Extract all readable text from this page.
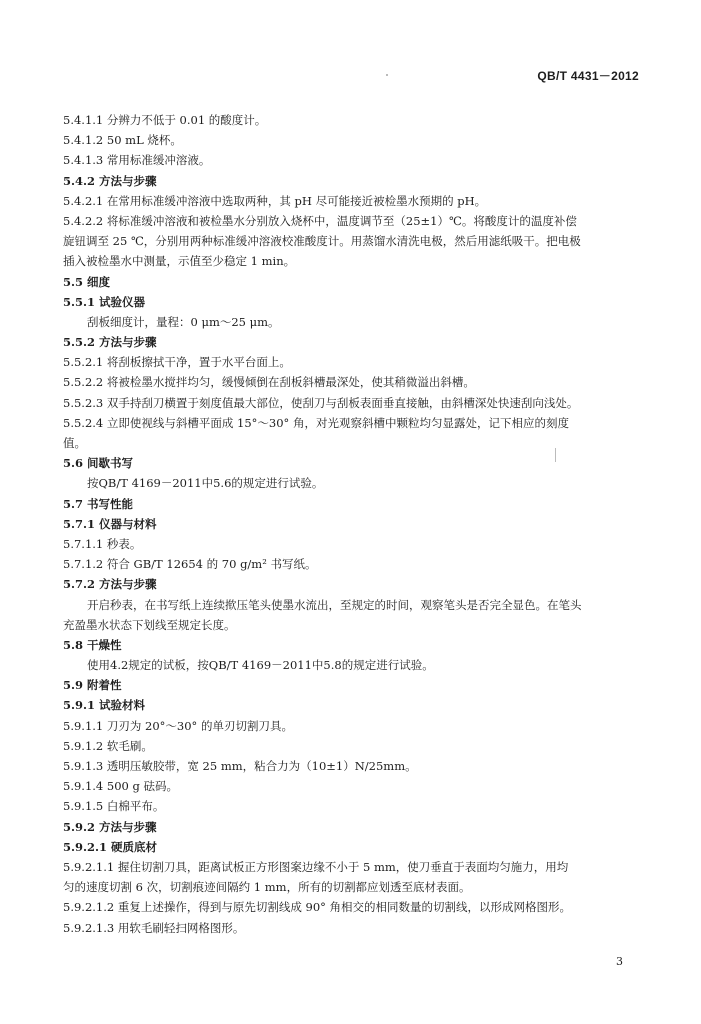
QB/T 4431－2012
5.4.1.1 分辨力不低于 0.01 的酸度计。
5.4.1.2 50 mL 烧杯。
5.4.1.3 常用标准缓冲溶液。
5.4.2 方法与步骤
5.4.2.1 在常用标准缓冲溶液中选取两种，其 pH 尽可能接近被检墨水预期的 pH。
5.4.2.2 将标准缓冲溶液和被检墨水分别放入烧杯中，温度调节至（25±1）℃。将酸度计的温度补偿
旋钮调至 25 ℃，分别用两种标准缓冲溶液校准酸度计。用蒸馏水清洗电极，然后用滤纸吸干。把电极
插入被检墨水中测量，示值至少稳定 1 min。
5.5 细度
5.5.1 试验仪器
刮板细度计，量程：0 μm～25 μm。
5.5.2 方法与步骤
5.5.2.1 将刮板擦拭干净，置于水平台面上。
5.5.2.2 将被检墨水搅拌均匀，缓慢倾倒在刮板斜槽最深处，使其稍微溢出斜槽。
5.5.2.3 双手持刮刀横置于刻度值最大部位，使刮刀与刮板表面垂直接触，由斜槽深处快速刮向浅处。
5.5.2.4 立即使视线与斜槽平面成 15°～30° 角，对光观察斜槽中颗粒均匀显露处，记下相应的刻度
值。
5.6 间歇书写
按QB/T 4169－2011中5.6的规定进行试验。
5.7 书写性能
5.7.1 仪器与材料
5.7.1.1 秒表。
5.7.1.2 符合 GB/T 12654 的 70 g/m² 书写纸。
5.7.2 方法与步骤
开启秒表，在书写纸上连续揿压笔头使墨水流出，至规定的时间，观察笔头是否完全显色。在笔头
充盈墨水状态下划线至规定长度。
5.8 干燥性
使用4.2规定的试板，按QB/T 4169－2011中5.8的规定进行试验。
5.9 附着性
5.9.1 试验材料
5.9.1.1 刀刃为 20°～30° 的单刃切割刀具。
5.9.1.2 软毛刷。
5.9.1.3 透明压敏胶带，宽 25 mm，粘合力为（10±1）N/25mm。
5.9.1.4 500 g 砝码。
5.9.1.5 白棉平布。
5.9.2 方法与步骤
5.9.2.1 硬质底材
5.9.2.1.1 握住切割刀具，距离试板正方形图案边缘不小于 5 mm，使刀垂直于表面均匀施力，用均
匀的速度切割 6 次，切割痕迹间隔约 1 mm，所有的切割都应划透至底材表面。
5.9.2.1.2 重复上述操作，得到与原先切割线成 90° 角相交的相同数量的切割线，以形成网格图形。
5.9.2.1.3 用软毛刷轻扫网格图形。
3
